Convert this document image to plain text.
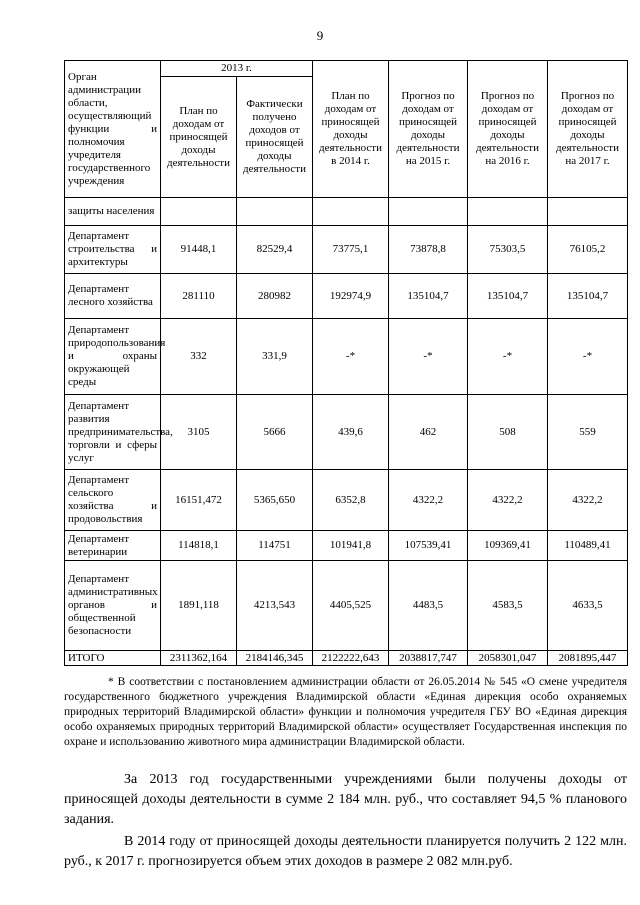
9
Орган администрации области, осуществляющий функции и полномочия учредителя государственного учреждения	2013 г.		План по доходам от приносящей доходы деятельности в 2014 г.	Прогноз по доходам от приносящей доходы деятельности на 2015 г.	Прогноз по доходам от приносящей доходы деятельности на 2016 г.	Прогноз по доходам от приносящей доходы деятельности на 2017 г.
	План по доходам от приносящей доходы деятельности	Фактически получено доходов от приносящей доходы деятельности				
защиты населения						
Департамент строительства и архитектуры	91448,1	82529,4	73775,1	73878,8	75303,5	76105,2
Департамент лесного хозяйства	281110	280982	192974,9	135104,7	135104,7	135104,7
Департамент природопользования и охраны окружающей среды	332	331,9	-*	-*	-*	-*
Департамент развития предпринимательства, торговли и сферы услуг	3105	5666	439,6	462	508	559
Департамент сельского хозяйства и продовольствия	16151,472	5365,650	6352,8	4322,2	4322,2	4322,2
Департамент ветеринарии	114818,1	114751	101941,8	107539,41	109369,41	110489,41
Департамент административных органов и общественной безопасности	1891,118	4213,543	4405,525	4483,5	4583,5	4633,5
ИТОГО	2311362,164	2184146,345	2122222,643	2038817,747	2058301,047	2081895,447
* В соответствии с постановлением администрации области от 26.05.2014 № 545 «О смене учредителя государственного бюджетного учреждения Владимирской области «Единая дирекция особо охраняемых природных территорий Владимирской области» функции и полномочия учредителя ГБУ ВО «Единая дирекция особо охраняемых природных территорий Владимирской области» осуществляет Государственная инспекция по охране и использованию животного мира администрации Владимирской области.
За 2013 год государственными учреждениями были получены доходы от приносящей доходы деятельности в сумме 2 184 млн. руб., что составляет 94,5 % планового задания.
В 2014 году от приносящей доходы деятельности планируется получить 2 122 млн. руб., к 2017 г. прогнозируется объем этих доходов в размере 2 082 млн.руб.
